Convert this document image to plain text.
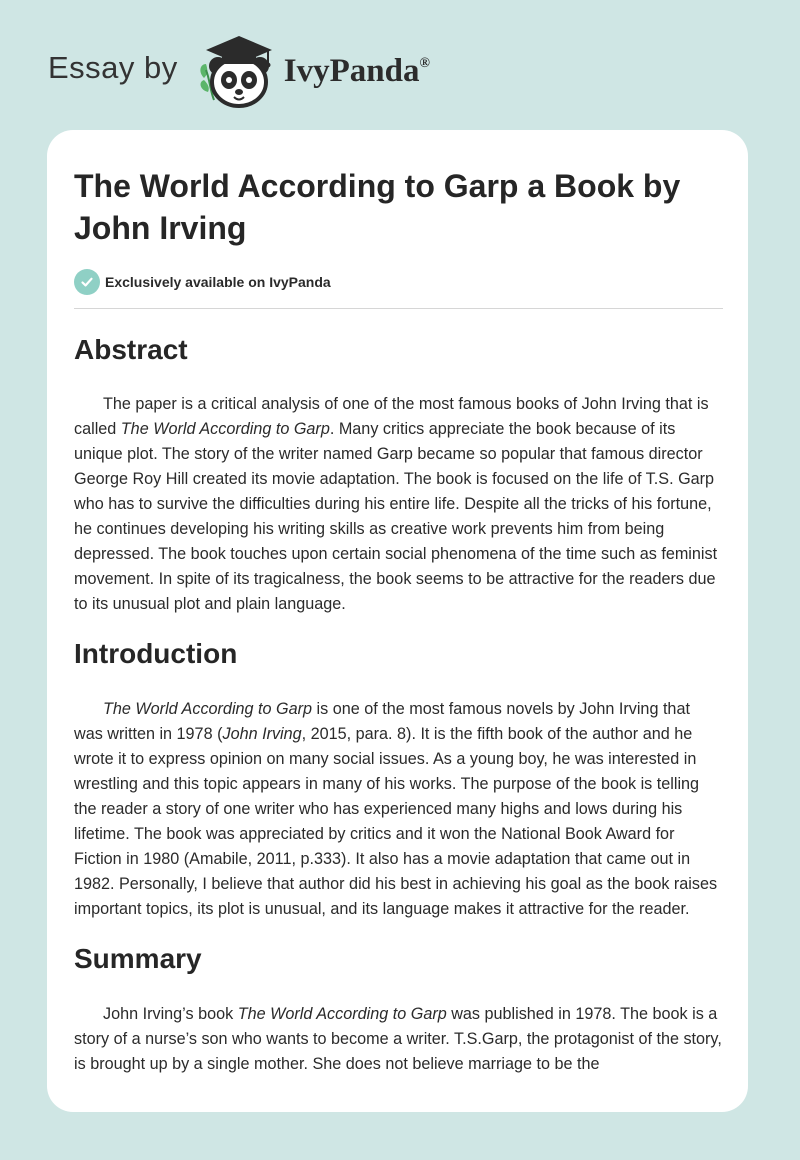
Essay by	IvyPanda®
The World According to Garp a Book by John Irving
Exclusively available on IvyPanda
Abstract

The paper is a critical analysis of one of the most famous books of John Irving that is called The World According to Garp. Many critics appreciate the book because of its unique plot. The story of the writer named Garp became so popular that famous director George Roy Hill created its movie adaptation. The book is focused on the life of T.S. Garp who has to survive the difficulties during his entire life. Despite all the tricks of his fortune, he continues developing his writing skills as creative work prevents him from being depressed. The book touches upon certain social phenomena of the time such as feminist movement. In spite of its tragicalness, the book seems to be attractive for the readers due to its unusual plot and plain language.

Introduction

The World According to Garp is one of the most famous novels by John Irving that was written in 1978 (John Irving, 2015, para. 8). It is the fifth book of the author and he wrote it to express opinion on many social issues. As a young boy, he was interested in wrestling and this topic appears in many of his works. The purpose of the book is telling the reader a story of one writer who has experienced many highs and lows during his lifetime. The book was appreciated by critics and it won the National Book Award for Fiction in 1980 (Amabile, 2011, p.333). It also has a movie adaptation that came out in 1982. Personally, I believe that author did his best in achieving his goal as the book raises important topics, its plot is unusual, and its language makes it attractive for the reader.

Summary

John Irving’s book The World According to Garp was published in 1978. The book is a story of a nurse’s son who wants to become a writer. T.S.Garp, the protagonist of the story, is brought up by a single mother. She does not believe marriage to be the
